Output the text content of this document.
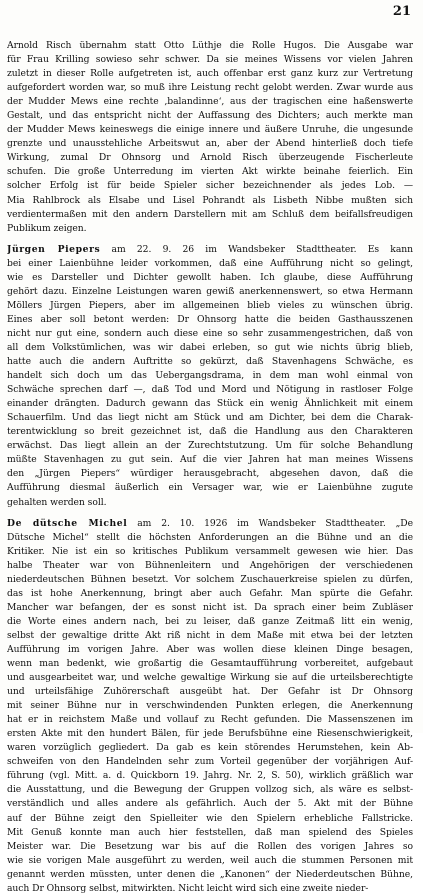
21
Arnold Risch übernahm statt Otto Lüthje die Rolle Hugos. Die Ausgabe war
für Frau Krilling sowieso sehr schwer. Da sie meines Wissens vor vielen Jahren
zuletzt in dieser Rolle aufgetreten ist, auch offenbar erst ganz kurz zur Vertretung
aufgefordert worden war, so muß ihre Leistung recht gelobt werden. Zwar wurde aus
der Mudder Mews eine rechte ‚balandinne‘, aus der tragischen eine haßenswerte
Gestalt, und das entspricht nicht der Auffassung des Dichters; auch merkte man
der Mudder Mews keineswegs die einige innere und äußere Unruhe, die ungesunde
grenzte und unausstehliche Arbeitswut an, aber der Abend hinterließ doch tiefe
Wirkung, zumal Dr Ohnsorg und Arnold Risch überzeugende Fischerleute
schufen. Die große Unterredung im vierten Akt wirkte beinahe feierlich. Ein
solcher Erfolg ist für beide Spieler sicher bezeichnender als jedes Lob. —
Mia Rahlbrock als Elsabe und Lisel Pohrandt als Lisbeth Nibbe mußten sich
verdientermaßen mit den andern Darstellern mit am Schluß dem beifallsfreudigen
Publikum zeigen.
Jürgen Piepers am 22. 9. 26 im Wandsbeker Stadttheater. Es kann
bei einer Laienbühne leider vorkommen, daß eine Aufführung nicht so gelingt,
wie es Darsteller und Dichter gewollt haben. Ich glaube, diese Aufführung
gehört dazu. Einzelne Leistungen waren gewiß anerkennenswert, so etwa Hermann
Möllers Jürgen Piepers, aber im allgemeinen blieb vieles zu wünschen übrig.
Eines aber soll betont werden: Dr Ohnsorg hatte die beiden Gasthausszenen
nicht nur gut eine, sondern auch diese eine so sehr zusammengestrichen, daß von
all dem Volkstümlichen, was wir dabei erleben, so gut wie nichts übrig blieb,
hatte auch die andern Auftritte so gekürzt, daß Stavenhagens Schwäche, es
handelt sich doch um das Uebergangsdrama, in dem man wohl einmal von
Schwäche sprechen darf —, daß Tod und Mord und Nötigung in rastloser Folge
einander drängten. Dadurch gewann das Stück ein wenig Ähnlichkeit mit einem
Schauerfilm. Und das liegt nicht am Stück und am Dichter, bei dem die Charak-
terentwicklung so breit gezeichnet ist, daß die Handlung aus den Charakteren
erwächst. Das liegt allein an der Zurechtstutzung. Um für solche Behandlung
müßte Stavenhagen zu gut sein. Auf die vier Jahren hat man meines Wissens
den „Jürgen Piepers“ würdiger herausgebracht, abgesehen davon, daß die
Aufführung diesmal äußerlich ein Versager war, wie er Laienbühne zugute
gehalten werden soll.
De dütsche Michel am 2. 10. 1926 im Wandsbeker Stadttheater. „De
Dütsche Michel“ stellt die höchsten Anforderungen an die Bühne und an die
Kritiker. Nie ist ein so kritisches Publikum versammelt gewesen wie hier. Das
halbe Theater war von Bühnenleitern und Angehörigen der verschiedenen
niederdeutschen Bühnen besetzt. Vor solchem Zuschauerkreise spielen zu dürfen,
das ist hohe Anerkennung, bringt aber auch Gefahr. Man spürte die Gefahr.
Mancher war befangen, der es sonst nicht ist. Da sprach einer beim Zubläser
die Worte eines andern nach, bei zu leiser, daß ganze Zeitmaß litt ein wenig,
selbst der gewaltige dritte Akt riß nicht in dem Maße mit etwa bei der letzten
Aufführung im vorigen Jahre. Aber was wollen diese kleinen Dinge besagen,
wenn man bedenkt, wie großartig die Gesamtaufführung vorbereitet, aufgebaut
und ausgearbeitet war, und welche gewaltige Wirkung sie auf die urteilsberechtigte
und urteilsfähige Zuhörerschaft ausgeübt hat. Der Gefahr ist Dr Ohnsorg
mit seiner Bühne nur in verschwindenden Punkten erlegen, die Anerkennung
hat er in reichstem Maße und vollauf zu Recht gefunden. Die Massenszenen im
ersten Akte mit den hundert Bälen, für jede Berufsbühne eine Riesenschwierigkeit,
waren vorzüglich gegliedert. Da gab es kein störendes Herumstehen, kein Ab-
schweifen von den Handelnden sehr zum Vorteil gegenüber der vorjährigen Auf-
führung (vgl. Mitt. a. d. Quickborn 19. Jahrg. Nr. 2, S. 50), wirklich gräßlich war
die Ausstattung, und die Bewegung der Gruppen vollzog sich, als wäre es selbst-
verständlich und alles andere als gefährlich. Auch der 5. Akt mit der Bühne
auf der Bühne zeigt den Spielleiter wie den Spielern erhebliche Fallstricke.
Mit Genuß konnte man auch hier feststellen, daß man spielend des Spieles
Meister war. Die Besetzung war bis auf die Rollen des vorigen Jahres so
wie sie vorigen Male ausgeführt zu werden, weil auch die stummen Personen mit
genannt werden müssten, unter denen die „Kanonen“ der Niederdeutschen Bühne,
auch Dr Ohnsorg selbst, mitwirkten. Nicht leicht wird sich eine zweite nieder-
